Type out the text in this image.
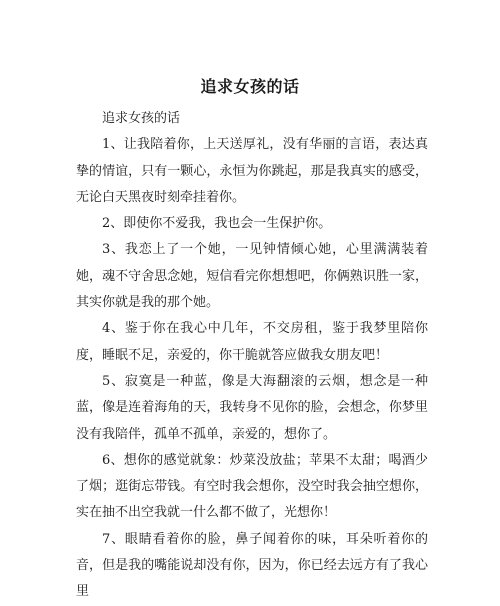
追求女孩的话

追求女孩的话

1、让我陪着你，上天送厚礼，没有华丽的言语，表达真挚的情谊，只有一颗心，永恒为你跳起，那是我真实的感受，无论白天黑夜时刻牵挂着你。

2、即使你不爱我，我也会一生保护你。

3、我恋上了一个她，一见钟情倾心她，心里满满装着她，魂不守舍思念她，短信看完你想想吧，你俩熟识胜一家，其实你就是我的那个她。

4、鉴于你在我心中几年，不交房租，鉴于我梦里陪你度，睡眠不足，亲爱的，你干脆就答应做我女朋友吧！

5、寂寞是一种蓝，像是大海翻滚的云烟，想念是一种蓝，像是连着海角的天，我转身不见你的脸，会想念，你梦里没有我陪伴，孤单不孤单，亲爱的，想你了。

6、想你的感觉就象：炒菜没放盐；苹果不太甜；喝酒少了烟；逛街忘带钱。有空时我会想你，没空时我会抽空想你，实在抽不出空我就一什么都不做了，光想你！

7、眼睛看着你的脸，鼻子闻着你的味，耳朵听着你的音，但是我的嘴能说却没有你，因为，你已经去远方有了我心里
